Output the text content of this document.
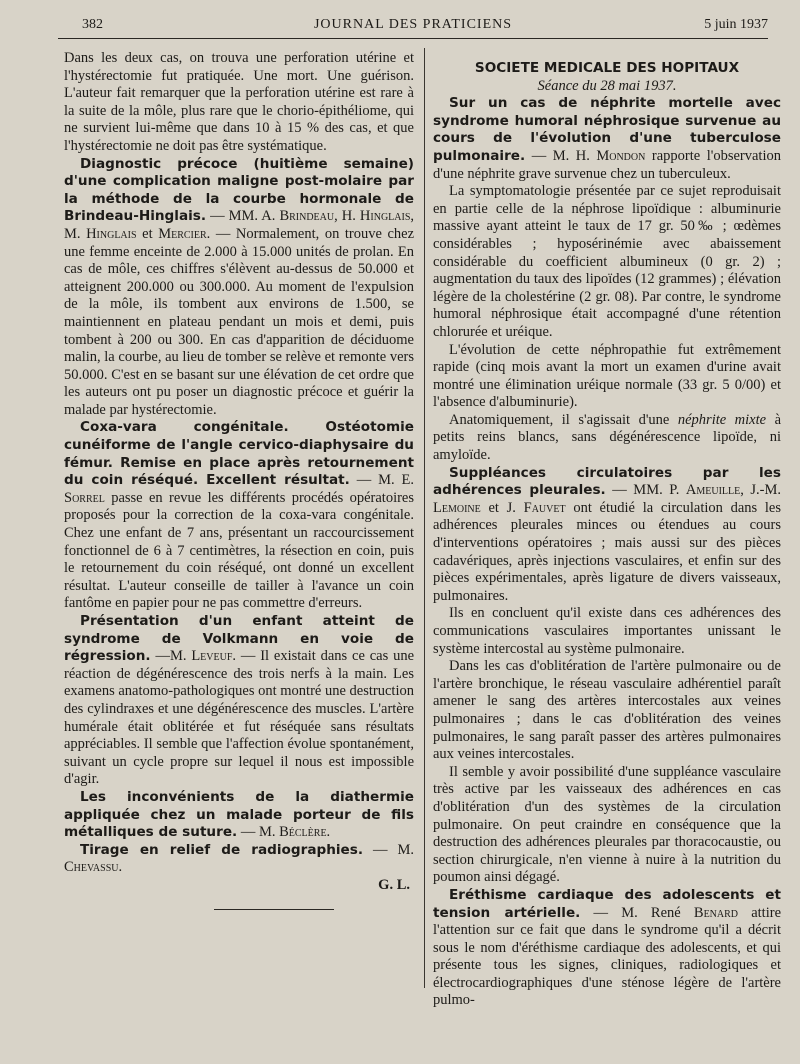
382	JOURNAL DES PRATICIENS	5 juin 1937

Dans les deux cas, on trouva une perforation utérine et l'hystérectomie fut pratiquée. Une mort. Une guérison. L'auteur fait remarquer que la perforation utérine est rare à la suite de la môle, plus rare que le chorio-épithéliome, qui ne survient lui-même que dans 10 à 15 % des cas, et que l'hystérectomie ne doit pas être systématique.

Diagnostic précoce (huitième semaine) d'une complication maligne post-molaire par la méthode de la courbe hormonale de Brindeau-Hinglais. — MM. A. Brindeau, H. Hinglais, M. Hinglais et Mercier. — Normalement, on trouve chez une femme enceinte de 2.000 à 15.000 unités de prolan. En cas de môle, ces chiffres s'élèvent au-dessus de 50.000 et atteignent 200.000 ou 300.000. Au moment de l'expulsion de la môle, ils tombent aux environs de 1.500, se maintiennent en plateau pendant un mois et demi, puis tombent à 200 ou 300. En cas d'apparition de déciduome malin, la courbe, au lieu de tomber se relève et remonte vers 50.000. C'est en se basant sur une élévation de cet ordre que les auteurs ont pu poser un diagnostic précoce et guérir la malade par hystérectomie.

Coxa-vara congénitale. Ostéotomie cunéiforme de l'angle cervico-diaphysaire du fémur. Remise en place après retournement du coin réséqué. Excellent résultat. — M. E. Sorrel passe en revue les différents procédés opératoires proposés pour la correction de la coxa-vara congénitale. Chez une enfant de 7 ans, présentant un raccourcissement fonctionnel de 6 à 7 centimètres, la résection en coin, puis le retournement du coin réséqué, ont donné un excellent résultat. L'auteur conseille de tailler à l'avance un coin fantôme en papier pour ne pas commettre d'erreurs.

Présentation d'un enfant atteint de syndrome de Volkmann en voie de régression. —M. Leveuf. — Il existait dans ce cas une réaction de dégénérescence des trois nerfs à la main. Les examens anatomo-pathologiques ont montré une destruction des cylindraxes et une dégénérescence des muscles. L'artère humérale était oblitérée et fut réséquée sans résultats appréciables. Il semble que l'affection évolue spontanément, suivant un cycle propre sur lequel il nous est impossible d'agir.

Les inconvénients de la diathermie appliquée chez un malade porteur de fils métalliques de suture. — M. Béclère.

Tirage en relief de radiographies. — M. Chevassu.

G. L.

SOCIETE MEDICALE DES HOPITAUX

Séance du 28 mai 1937.

Sur un cas de néphrite mortelle avec syndrome humoral néphrosique survenue au cours de l'évolution d'une tuberculose pulmonaire. — M. H. Mondon rapporte l'observation d'une néphrite grave survenue chez un tuberculeux.

La symptomatologie présentée par ce sujet reproduisait en partie celle de la néphrose lipoïdique : albuminurie massive ayant atteint le taux de 17 gr. 50‰ ; œdèmes considérables ; hyposérinémie avec abaissement considérable du coefficient albumineux (0 gr. 2) ; augmentation du taux des lipoïdes (12 grammes) ; élévation légère de la cholestérine (2 gr. 08). Par contre, le syndrome humoral néphrosique était accompagné d'une rétention chlorurée et uréique.

L'évolution de cette néphropathie fut extrêmement rapide (cinq mois avant la mort un examen d'urine avait montré une élimination uréique normale (33 gr. 5 0/00) et l'absence d'albuminurie).

Anatomiquement, il s'agissait d'une néphrite mixte à petits reins blancs, sans dégénérescence lipoïde, ni amyloïde.

Suppléances circulatoires par les adhérences pleurales. — MM. P. Ameuille, J.-M. Lemoine et J. Fauvet ont étudié la circulation dans les adhérences pleurales minces ou étendues au cours d'interventions opératoires ; mais aussi sur des pièces cadavériques, après injections vasculaires, et enfin sur des pièces expérimentales, après ligature de divers vaisseaux, pulmonaires.

Ils en concluent qu'il existe dans ces adhérences des communications vasculaires importantes unissant le système intercostal au système pulmonaire.

Dans les cas d'oblitération de l'artère pulmonaire ou de l'artère bronchique, le réseau vasculaire adhérentiel paraît amener le sang des artères intercostales aux veines pulmonaires ; dans le cas d'oblitération des veines pulmonaires, le sang paraît passer des artères pulmonaires aux veines intercostales.

Il semble y avoir possibilité d'une suppléance vasculaire très active par les vaisseaux des adhérences en cas d'oblitération d'un des systèmes de la circulation pulmonaire. On peut craindre en conséquence que la destruction des adhérences pleurales par thoracocaustie, ou section chirurgicale, n'en vienne à nuire à la nutrition du poumon ainsi dégagé.

Eréthisme cardiaque des adolescents et tension artérielle. — M. René Benard attire l'attention sur ce fait que dans le syndrome qu'il a décrit sous le nom d'éréthisme cardiaque des adolescents, et qui présente tous les signes, cliniques, radiologiques et électrocardiographiques d'une sténose légère de l'artère pulmo-
